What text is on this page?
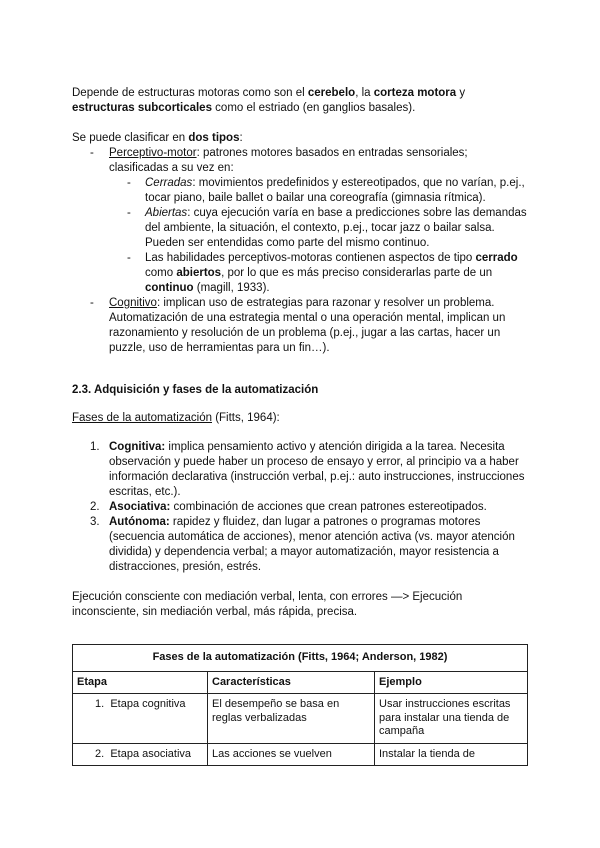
Depende de estructuras motoras como son el cerebelo, la corteza motora y estructuras subcorticales como el estriado (en ganglios basales).

Se puede clasificar en dos tipos:

- Perceptivo-motor: patrones motores basados en entradas sensoriales; clasificadas a su vez en:
- Cerradas: movimientos predefinidos y estereotipados, que no varían, p.ej., tocar piano, baile ballet o bailar una coreografía (gimnasia rítmica).
- Abiertas: cuya ejecución varía en base a predicciones sobre las demandas del ambiente, la situación, el contexto, p.ej., tocar jazz o bailar salsa. Pueden ser entendidas como parte del mismo continuo.
- Las habilidades perceptivos-motoras contienen aspectos de tipo cerrado como abiertos, por lo que es más preciso considerarlas parte de un continuo (magill, 1933).
- Cognitivo: implican uso de estrategias para razonar y resolver un problema. Automatización de una estrategia mental o una operación mental, implican un razonamiento y resolución de un problema (p.ej., jugar a las cartas, hacer un puzzle, uso de herramientas para un fin…).

2.3. Adquisición y fases de la automatización

Fases de la automatización (Fitts, 1964):

1. Cognitiva: implica pensamiento activo y atención dirigida a la tarea. Necesita observación y puede haber un proceso de ensayo y error, al principio va a haber información declarativa (instrucción verbal, p.ej.: auto instrucciones, instrucciones escritas, etc.).
2. Asociativa: combinación de acciones que crean patrones estereotipados.
3. Autónoma: rapidez y fluidez, dan lugar a patrones o programas motores (secuencia automática de acciones), menor atención activa (vs. mayor atención dividida) y dependencia verbal; a mayor automatización, mayor resistencia a distracciones, presión, estrés.

Ejecución consciente con mediación verbal, lenta, con errores —> Ejecución inconsciente, sin mediación verbal, más rápida, precisa.

Fases de la automatización (Fitts, 1964; Anderson, 1982)		
Etapa	Características	Ejemplo
1. Etapa cognitiva	El desempeño se basa en reglas verbalizadas	Usar instrucciones escritas para instalar una tienda de campaña
2. Etapa asociativa	Las acciones se vuelven	Instalar la tienda de
